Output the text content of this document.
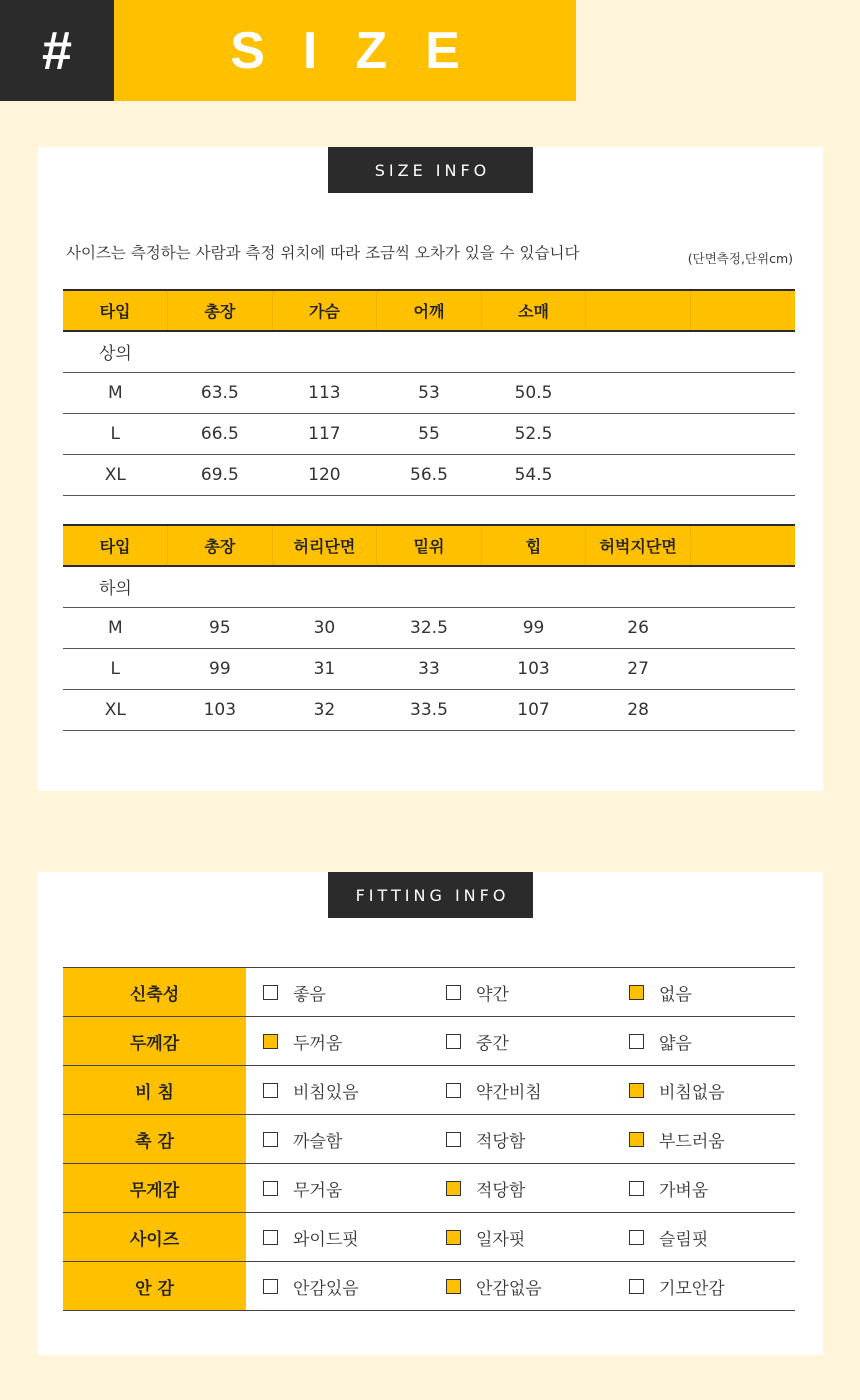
#	SIZE
SIZE INFO
사이즈는 측정하는 사람과 측정 위치에 따라 조금씩 오차가 있을 수 있습니다	(단면측정,단위cm)
타입	총장	가슴	어깨	소매		
상의						
M	63.5	113	53	50.5		
L	66.5	117	55	52.5		
XL	69.5	120	56.5	54.5		
타입	총장	허리단면	밑위	힙	허벅지단면	
하의						
M	95	30	32.5	99	26	
L	99	31	33	103	27	
XL	103	32	33.5	107	28	
FITTING INFO
신축성	좋음	약간	없음
두께감	두꺼움	중간	얇음
비 침	비침있음	약간비침	비침없음
촉 감	까슬함	적당함	부드러움
무게감	무거움	적당함	가벼움
사이즈	와이드핏	일자핏	슬림핏
안 감	안감있음	안감없음	기모안감
